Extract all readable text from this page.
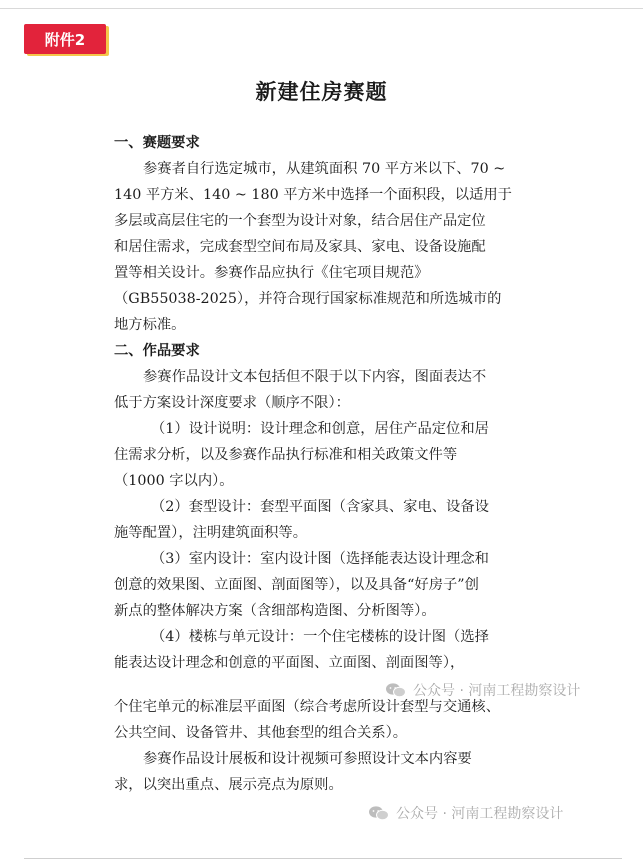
附件2
新建住房赛题
一、赛题要求
参赛者自行选定城市，从建筑面积 70 平方米以下、70 ~
140 平方米、140 ~ 180 平方米中选择一个面积段，以适用于
多层或高层住宅的一个套型为设计对象，结合居住产品定位
和居住需求，完成套型空间布局及家具、家电、设备设施配
置等相关设计。参赛作品应执行《住宅项目规范》
（GB55038-2025），并符合现行国家标准规范和所选城市的
地方标准。
二、作品要求
参赛作品设计文本包括但不限于以下内容，图面表达不
低于方案设计深度要求（顺序不限）：
（1）设计说明：设计理念和创意，居住产品定位和居
住需求分析，以及参赛作品执行标准和相关政策文件等
（1000 字以内）。
（2）套型设计：套型平面图（含家具、家电、设备设
施等配置），注明建筑面积等。
（3）室内设计：室内设计图（选择能表达设计理念和
创意的效果图、立面图、剖面图等），以及具备“好房子”创
新点的整体解决方案（含细部构造图、分析图等）。
（4）楼栋与单元设计：一个住宅楼栋的设计图（选择
能表达设计理念和创意的平面图、立面图、剖面图等），
个住宅单元的标准层平面图（综合考虑所设计套型与交通核、
公共空间、设备管井、其他套型的组合关系）。
参赛作品设计展板和设计视频可参照设计文本内容要
求，以突出重点、展示亮点为原则。
公众号 · 河南工程勘察设计
公众号 · 河南工程勘察设计
